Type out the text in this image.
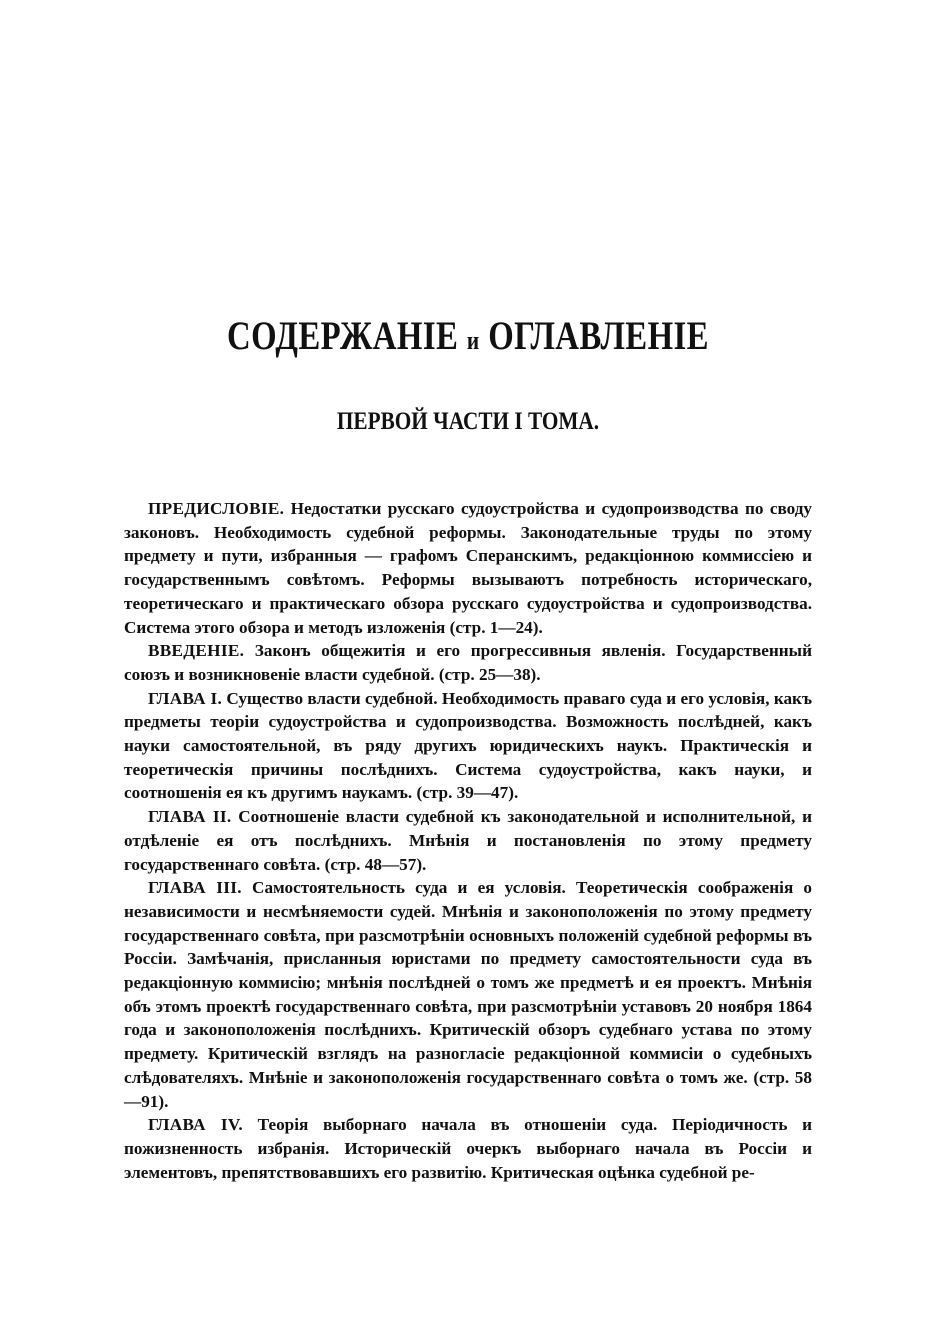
СОДЕРЖАНІЕ и ОГЛАВЛЕНІЕ
ПЕРВОЙ ЧАСТИ І ТОМА.

ПРЕДИСЛОВІЕ. Недостатки русскаго судоустройства и судопроизводства по своду законовъ. Необходимость судебной реформы. Законодательные труды по этому предмету и пути, избранныя — графомъ Сперанскимъ, редакціонною коммиссіею и государственнымъ совѣтомъ. Реформы вызываютъ потребность историческаго, теоретическаго и практическаго обзора русскаго судоустройства и судопроизводства. Система этого обзора и методъ изложенія (стр. 1—24).

ВВЕДЕНІЕ. Законъ общежитія и его прогрессивныя явленія. Государственный союзъ и возникновеніе власти судебной. (стр. 25—38).

ГЛАВА I. Существо власти судебной. Необходимость праваго суда и его условія, какъ предметы теоріи судоустройства и судопроизводства. Возможность послѣдней, какъ науки самостоятельной, въ ряду другихъ юридическихъ наукъ. Практическія и теоретическія причины послѣднихъ. Система судоустройства, какъ науки, и соотношенія ея къ другимъ наукамъ. (стр. 39—47).

ГЛАВА II. Соотношеніе власти судебной къ законодательной и исполнительной, и отдѣленіе ея отъ послѣднихъ. Мнѣнія и постановленія по этому предмету государственнаго совѣта. (стр. 48—57).

ГЛАВА III. Самостоятельность суда и ея условія. Теоретическія соображенія о независимости и несмѣняемости судей. Мнѣнія и законоположенія по этому предмету государственнаго совѣта, при разсмотрѣніи основныхъ положеній судебной реформы въ Россіи. Замѣчанія, присланныя юристами по предмету самостоятельности суда въ редакціонную коммисію; мнѣнія послѣдней о томъ же предметѣ и ея проектъ. Мнѣнія объ этомъ проектѣ государственнаго совѣта, при разсмотрѣніи уставовъ 20 ноября 1864 года и законоположенія послѣднихъ. Критическій обзоръ судебнаго устава по этому предмету. Критическій взглядъ на разногласіе редакціонной коммисіи о судебныхъ слѣдователяхъ. Мнѣніе и законоположенія государственнаго совѣта о томъ же. (стр. 58—91).

ГЛАВА IV. Теорія выборнаго начала въ отношеніи суда. Періодичность и пожизненность избранія. Историческій очеркъ выборнаго начала въ Россіи и элементовъ, препятствовавшихъ его развитію. Критическая оцѣнка судебной ре-
